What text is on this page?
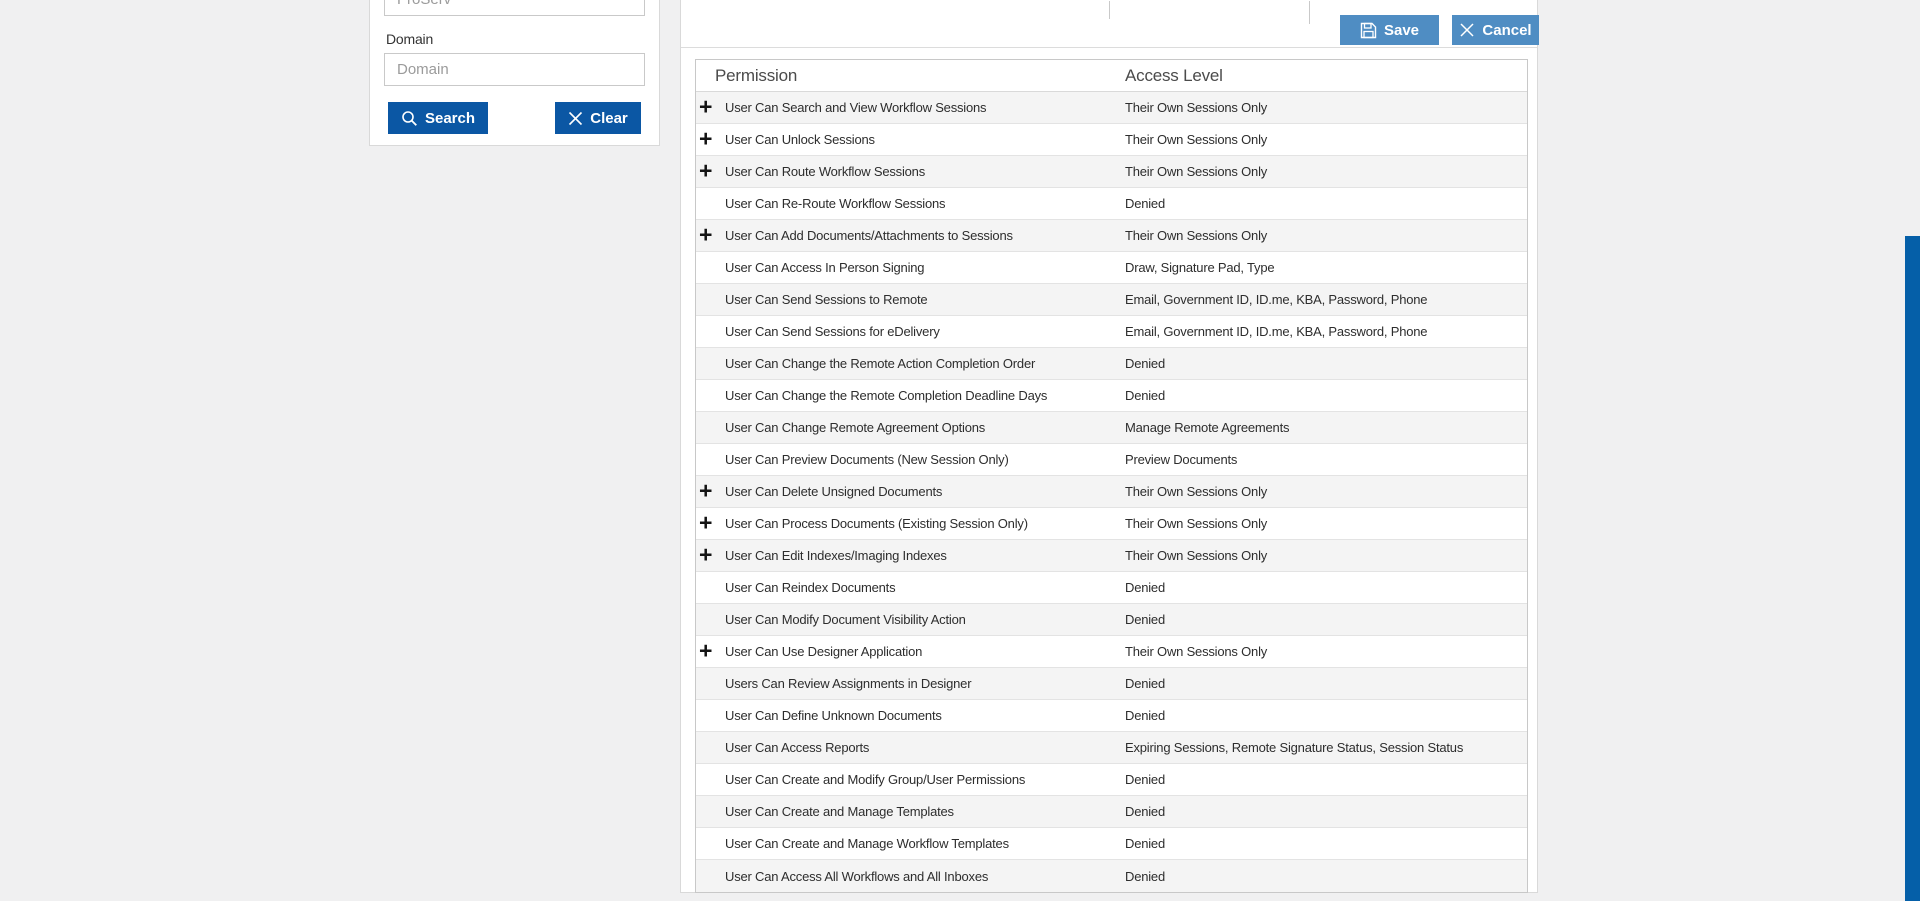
ProServ
Domain
Domain
Search	Clear
Save	Cancel
Permission	Access Level
+ User Can Search and View Workflow Sessions	Their Own Sessions Only
+ User Can Unlock Sessions	Their Own Sessions Only
+ User Can Route Workflow Sessions	Their Own Sessions Only
User Can Re-Route Workflow Sessions	Denied
+ User Can Add Documents/Attachments to Sessions	Their Own Sessions Only
User Can Access In Person Signing	Draw, Signature Pad, Type
User Can Send Sessions to Remote	Email, Government ID, ID.me, KBA, Password, Phone
User Can Send Sessions for eDelivery	Email, Government ID, ID.me, KBA, Password, Phone
User Can Change the Remote Action Completion Order	Denied
User Can Change the Remote Completion Deadline Days	Denied
User Can Change Remote Agreement Options	Manage Remote Agreements
User Can Preview Documents (New Session Only)	Preview Documents
+ User Can Delete Unsigned Documents	Their Own Sessions Only
+ User Can Process Documents (Existing Session Only)	Their Own Sessions Only
+ User Can Edit Indexes/Imaging Indexes	Their Own Sessions Only
User Can Reindex Documents	Denied
User Can Modify Document Visibility Action	Denied
+ User Can Use Designer Application	Their Own Sessions Only
Users Can Review Assignments in Designer	Denied
User Can Define Unknown Documents	Denied
User Can Access Reports	Expiring Sessions, Remote Signature Status, Session Status
User Can Create and Modify Group/User Permissions	Denied
User Can Create and Manage Templates	Denied
User Can Create and Manage Workflow Templates	Denied
User Can Access All Workflows and All Inboxes	Denied
